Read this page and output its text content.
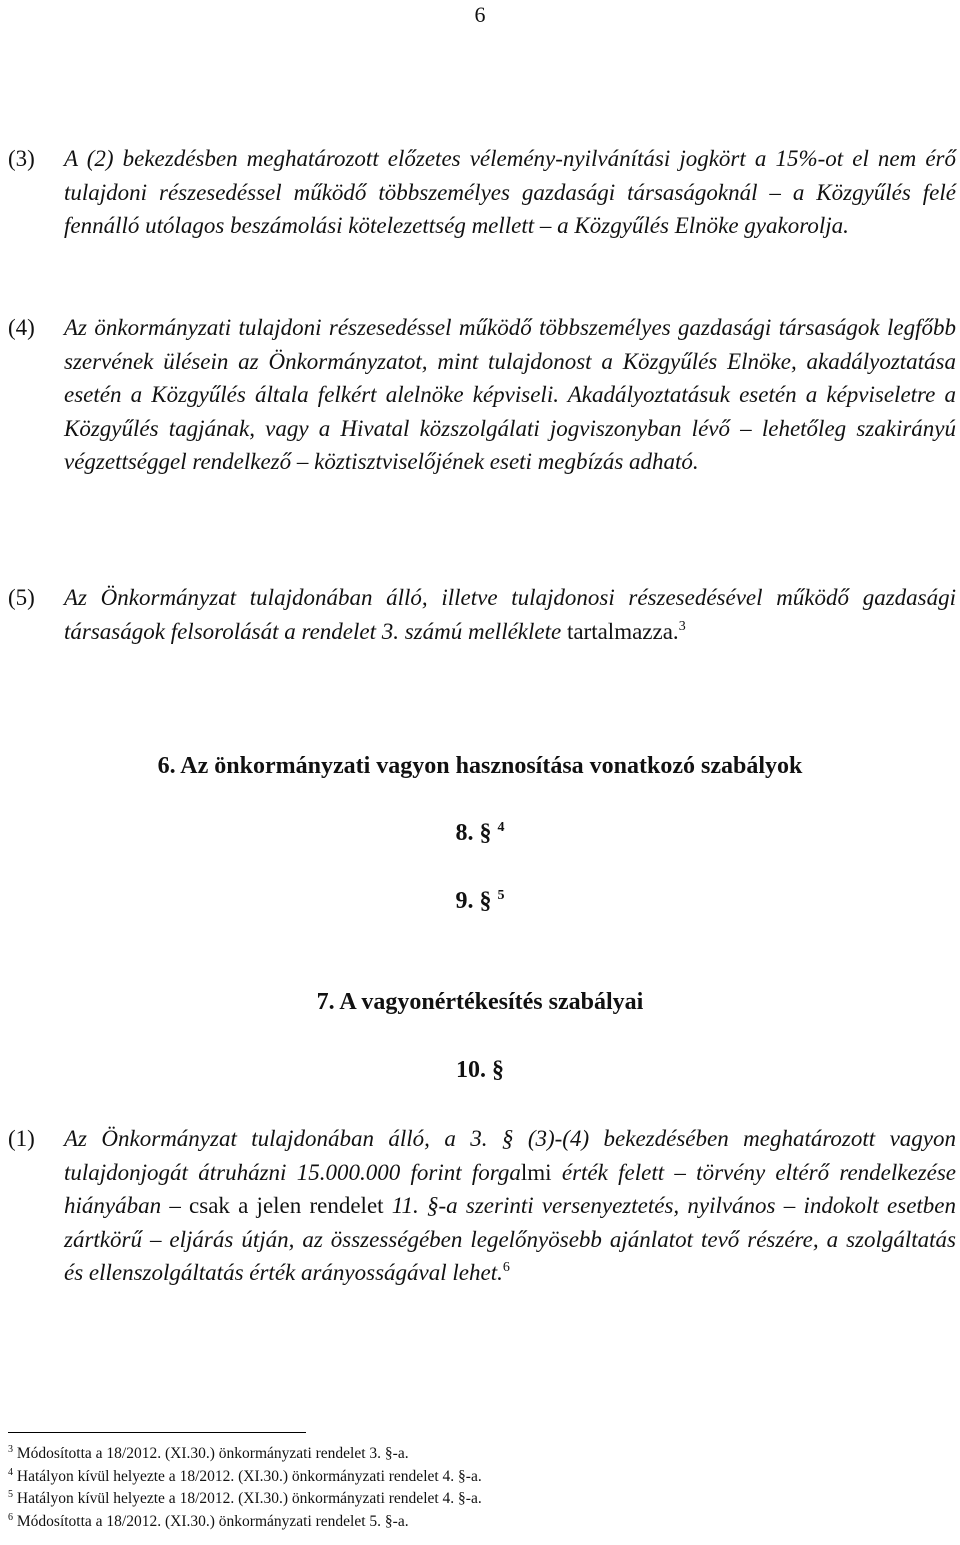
6
(3) A (2) bekezdésben meghatározott előzetes vélemény-nyilvánítási jogkört a 15%-ot el nem érő tulajdoni részesedéssel működő többszemélyes gazdasági társaságoknál – a Közgyűlés felé fennálló utólagos beszámolási kötelezettség mellett – a Közgyűlés Elnöke gyakorolja.
(4) Az önkormányzati tulajdoni részesedéssel működő többszemélyes gazdasági társaságok legfőbb szervének ülésein az Önkormányzatot, mint tulajdonost a Közgyűlés Elnöke, akadályoztatása esetén a Közgyűlés általa felkért alelnöke képviseli. Akadályoztatásuk esetén a képviseletre a Közgyűlés tagjának, vagy a Hivatal közszolgálati jogviszonyban lévő – lehetőleg szakirányú végzettséggel rendelkező – köztisztviselőjének eseti megbízás adható.
(5) Az Önkormányzat tulajdonában álló, illetve tulajdonosi részesedésével működő gazdasági társaságok felsorolását a rendelet 3. számú melléklete tartalmazza.$^3$
6. Az önkormányzati vagyon hasznosítása vonatkozó szabályok
8. § $^4$
9. § $^5$
7. A vagyonértékesítés szabályai
10. §
(1) Az Önkormányzat tulajdonában álló, a 3. § (3)-(4) bekezdésében meghatározott vagyon tulajdonjogát átruházni 15.000.000 forint forgalmi érték felett – törvény eltérő rendelkezése hiányában – csak a jelen rendelet 11. §-a szerinti versenyeztetés, nyilvános – indokolt esetben zártkörű – eljárás útján, az összességében legelőnyösebb ajánlatot tevő részére, a szolgáltatás és ellenszolgáltatás érték arányosságával lehet.$^6$
$^3$ Módosította a 18/2012. (XI.30.) önkormányzati rendelet 3. §-a.
$^4$ Hatályon kívül helyezte a 18/2012. (XI.30.) önkormányzati rendelet 4. §-a.
$^5$ Hatályon kívül helyezte a 18/2012. (XI.30.) önkormányzati rendelet 4. §-a.
$^6$ Módosította a 18/2012. (XI.30.) önkormányzati rendelet 5. §-a.
